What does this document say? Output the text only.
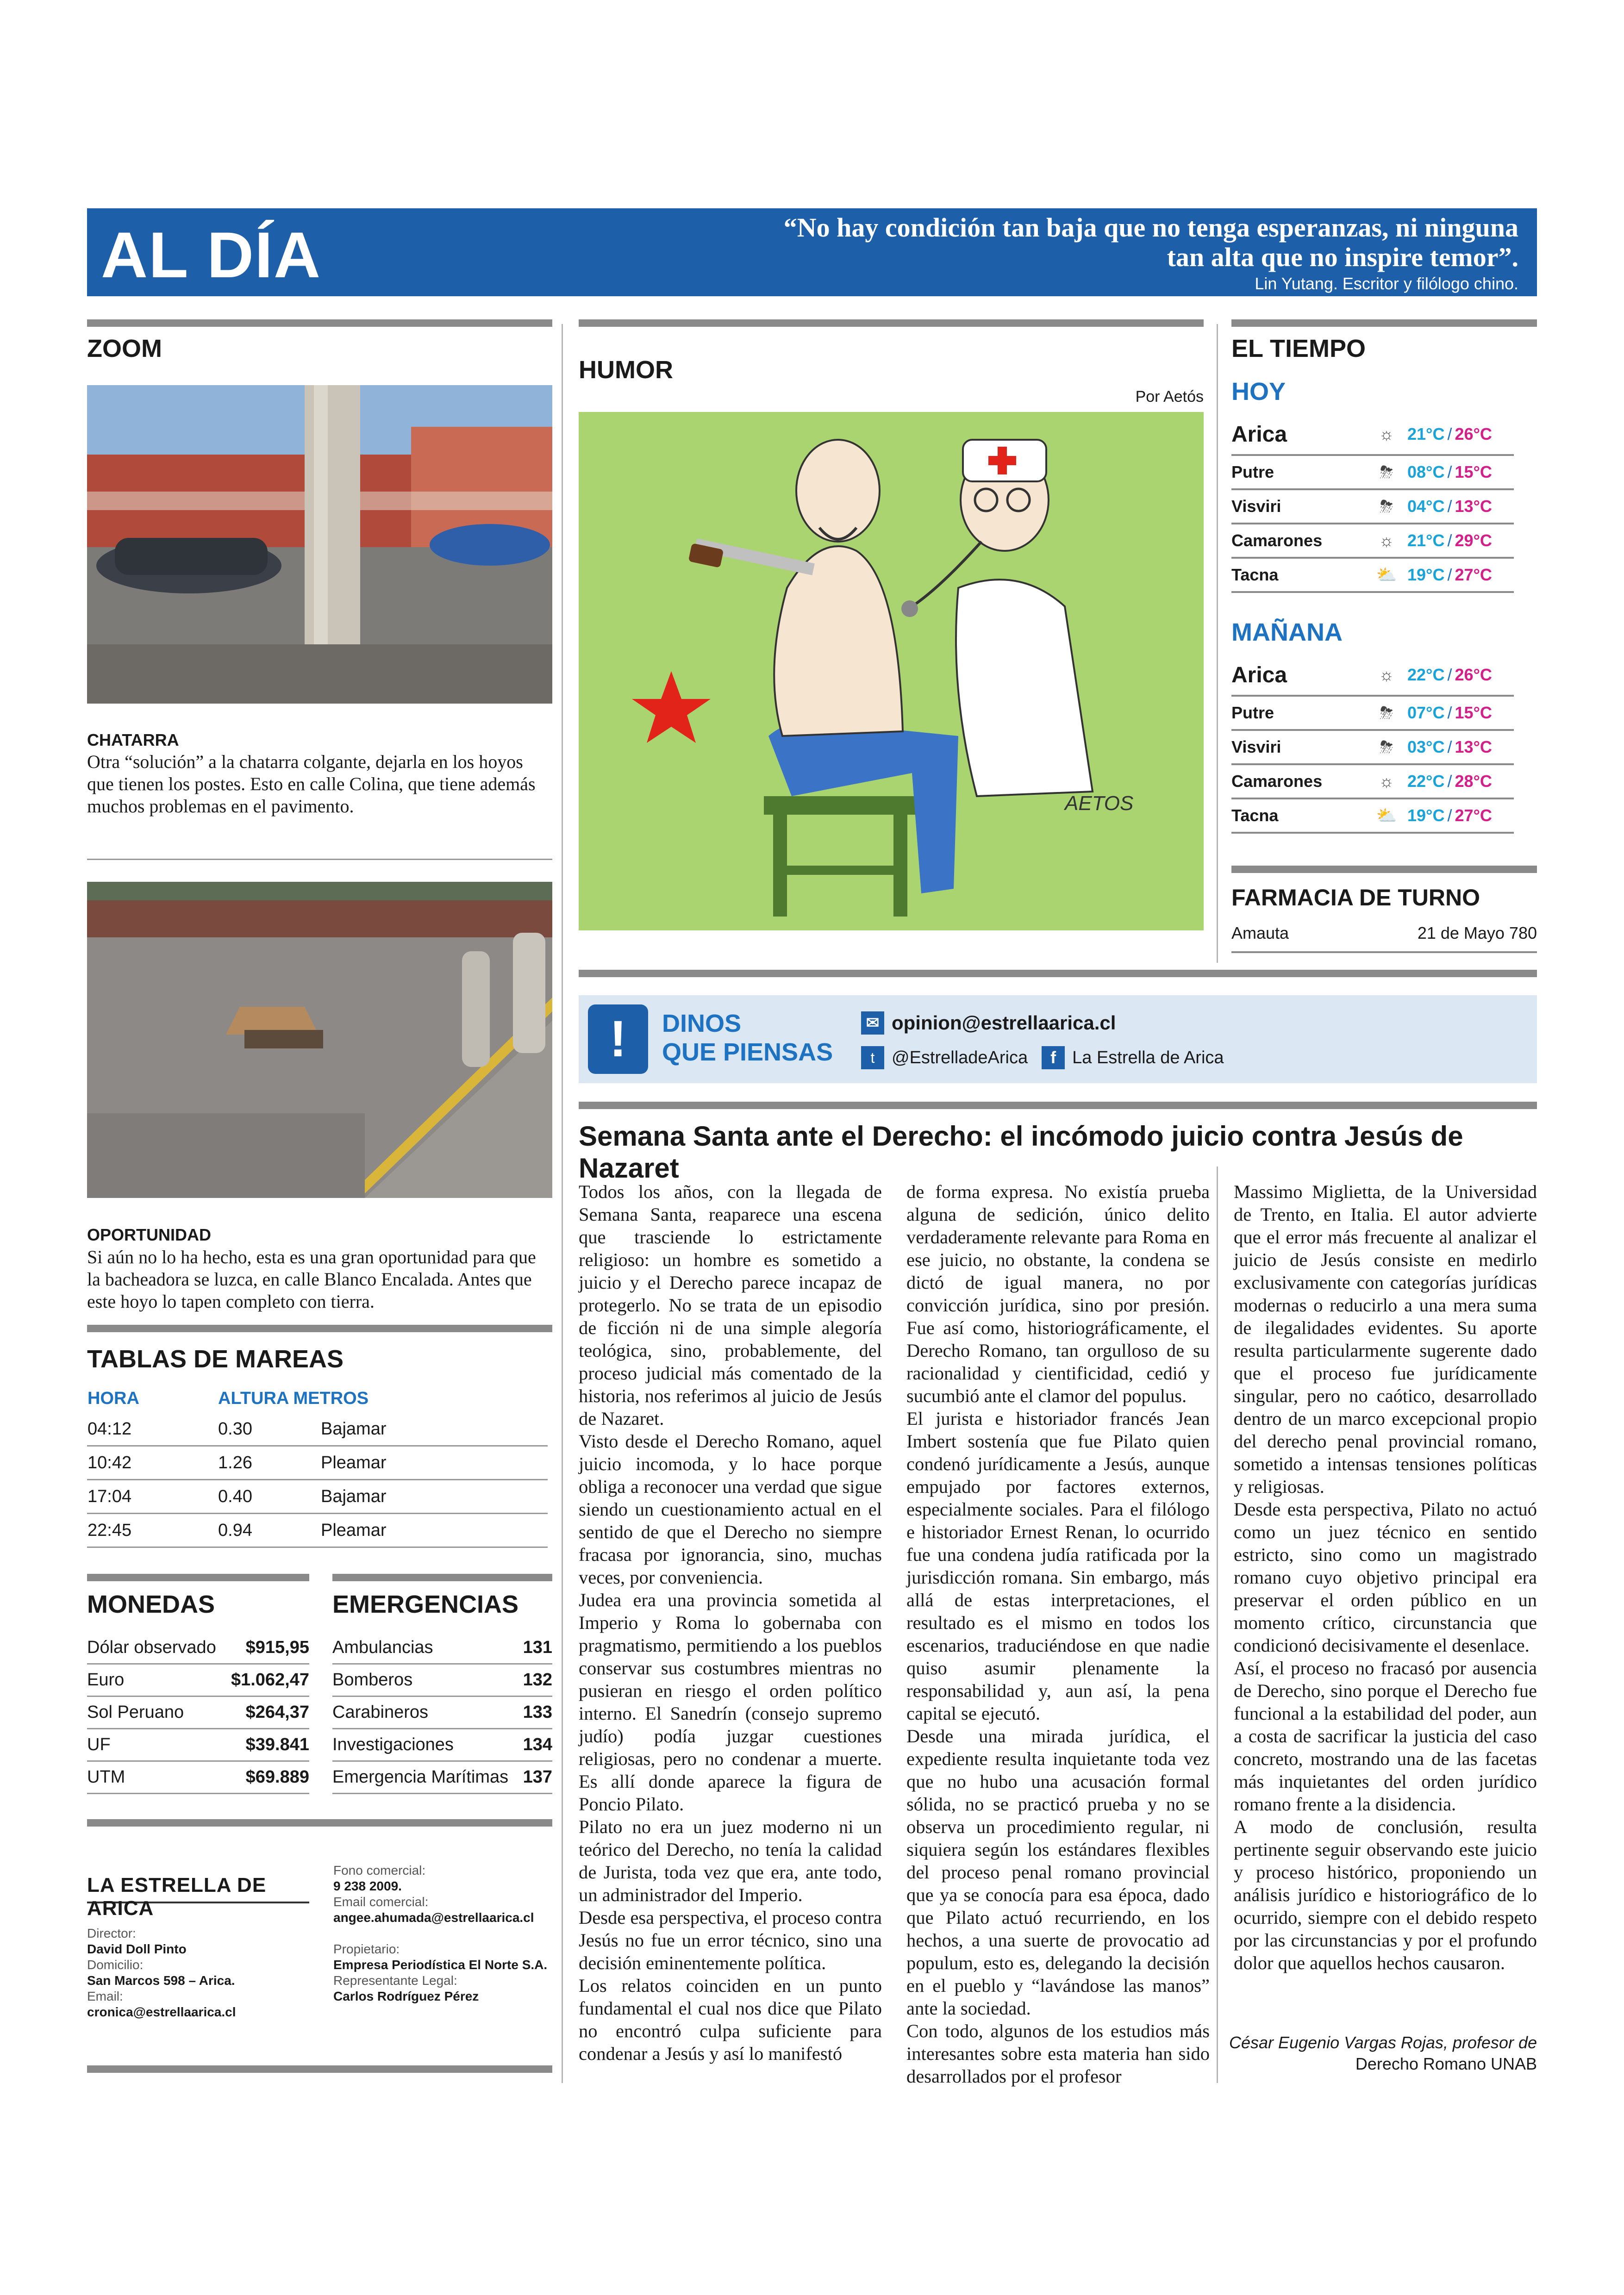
AL DÍA	“No hay condición tan baja que no tenga esperanzas, ni ninguna tan alta que no inspire temor”.
Lin Yutang. Escritor y filólogo chino.
ZOOM
CHATARRA
Otra “solución” a la chatarra colgante, dejarla en los hoyos que tienen los postes. Esto en calle Colina, que tiene además muchos problemas en el pavimento.
OPORTUNIDAD
Si aún no lo ha hecho, esta es una gran oportunidad para que la bacheadora se luzca, en calle Blanco Encalada. Antes que este hoyo lo tapen completo con tierra.
TABLAS DE MAREAS
HORA	ALTURA METROS	
04:12	0.30	Bajamar
10:42	1.26	Pleamar
17:04	0.40	Bajamar
22:45	0.94	Pleamar
MONEDAS
Dólar observado $915,95
Euro	$1.062,47
Sol Peruano	$264,37
UF	$39.841
UTM	$69.889
EMERGENCIAS
Ambulancias	131
Bomberos	132
Carabineros	133
Investigaciones	134
Emergencia Marítimas 137
LA ESTRELLA DE ARICA
Director:
David Doll Pinto
Domicilio:
San Marcos 598 – Arica.
Email:
cronica@estrellaarica.cl
Fono comercial:
9 238 2009.
Email comercial:
angee.ahumada@estrellaarica.cl
Propietario:
Empresa Periodística El Norte S.A.
Representante Legal:
Carlos Rodríguez Pérez
HUMOR
Por Aetós
AETOS
EL TIEMPO
HOY
Arica	☼ 21°C / 26°C
Putre	⛈ 08°C / 15°C
Visviri	⛈ 04°C / 13°C
Camarones	☼ 21°C / 29°C
Tacna	⛅ 19°C / 27°C
MAÑANA
Arica	☼ 22°C / 26°C
Putre	⛈ 07°C / 15°C
Visviri	⛈ 03°C / 13°C
Camarones	☼ 22°C / 28°C
Tacna	⛅ 19°C / 27°C
FARMACIA DE TURNO
Amauta	21 de Mayo 780
!	DINOS
QUE PIENSAS
✉ opinion@estrellaarica.cl
t @EstrelladeArica	f La Estrella de Arica
Semana Santa ante el Derecho: el incómodo juicio contra Jesús de Nazaret

Todos los años, con la llegada de Semana Santa, reaparece una escena que trasciende lo estrictamente religioso: un hombre es sometido a juicio y el Derecho parece incapaz de protegerlo. No se trata de un episodio de ficción ni de una simple alegoría teológica, sino, probablemente, del proceso judicial más comentado de la historia, nos referimos al juicio de Jesús de Nazaret.

Visto desde el Derecho Romano, aquel juicio incomoda, y lo hace porque obliga a reconocer una verdad que sigue siendo un cuestionamiento actual en el sentido de que el Derecho no siempre fracasa por ignorancia, sino, muchas veces, por conveniencia.

Judea era una provincia sometida al Imperio y Roma lo gobernaba con pragmatismo, permitiendo a los pueblos conservar sus costumbres mientras no pusieran en riesgo el orden político interno. El Sanedrín (consejo supremo judío) podía juzgar cuestiones religiosas, pero no condenar a muerte. Es allí donde aparece la figura de Poncio Pilato.

Pilato no era un juez moderno ni un teórico del Derecho, no tenía la calidad de Jurista, toda vez que era, ante todo, un administrador del Imperio.

Desde esa perspectiva, el proceso contra Jesús no fue un error técnico, sino una decisión eminentemente política.

Los relatos coinciden en un punto fundamental el cual nos dice que Pilato no encontró culpa suficiente para condenar a Jesús y así lo manifestó

de forma expresa. No existía prueba alguna de sedición, único delito verdaderamente relevante para Roma en ese juicio, no obstante, la condena se dictó de igual manera, no por convicción jurídica, sino por presión. Fue así como, historiográficamente, el Derecho Romano, tan orgulloso de su racionalidad y cientificidad, cedió y sucumbió ante el clamor del populus.

El jurista e historiador francés Jean Imbert sostenía que fue Pilato quien condenó jurídicamente a Jesús, aunque empujado por factores externos, especialmente sociales. Para el filólogo e historiador Ernest Renan, lo ocurrido fue una condena judía ratificada por la jurisdicción romana. Sin embargo, más allá de estas interpretaciones, el resultado es el mismo en todos los escenarios, traduciéndose en que nadie quiso asumir plenamente la responsabilidad y, aun así, la pena capital se ejecutó.

Desde una mirada jurídica, el expediente resulta inquietante toda vez que no hubo una acusación formal sólida, no se practicó prueba y no se observa un procedimiento regular, ni siquiera según los estándares flexibles del proceso penal romano provincial que ya se conocía para esa época, dado que Pilato actuó recurriendo, en los hechos, a una suerte de provocatio ad populum, esto es, delegando la decisión en el pueblo y “lavándose las manos” ante la sociedad.

Con todo, algunos de los estudios más interesantes sobre esta materia han sido desarrollados por el profesor

Massimo Miglietta, de la Universidad de Trento, en Italia. El autor advierte que el error más frecuente al analizar el juicio de Jesús consiste en medirlo exclusivamente con categorías jurídicas modernas o reducirlo a una mera suma de ilegalidades evidentes. Su aporte resulta particularmente sugerente dado que el proceso fue jurídicamente singular, pero no caótico, desarrollado dentro de un marco excepcional propio del derecho penal provincial romano, sometido a intensas tensiones políticas y religiosas.

Desde esta perspectiva, Pilato no actuó como un juez técnico en sentido estricto, sino como un magistrado romano cuyo objetivo principal era preservar el orden público en un momento crítico, circunstancia que condicionó decisivamente el desenlace.

Así, el proceso no fracasó por ausencia de Derecho, sino porque el Derecho fue funcional a la estabilidad del poder, aun a costa de sacrificar la justicia del caso concreto, mostrando una de las facetas más inquietantes del orden jurídico romano frente a la disidencia.

A modo de conclusión, resulta pertinente seguir observando este juicio y proceso histórico, proponiendo un análisis jurídico e historiográfico de lo ocurrido, siempre con el debido respeto por las circunstancias y por el profundo dolor que aquellos hechos causaron.

César Eugenio Vargas Rojas, profesor de
Derecho Romano UNAB
